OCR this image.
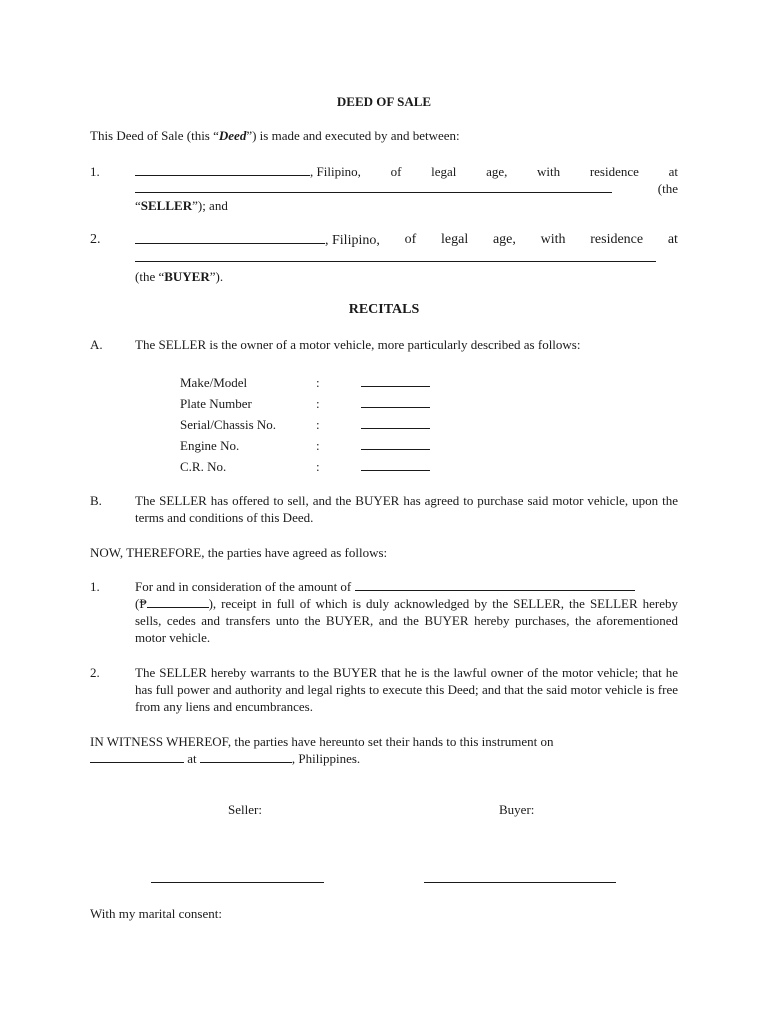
DEED OF SALE
This Deed of Sale (this “Deed”) is made and executed by and between:
1.	, Filipino, of legal age, with residence at
(the
“SELLER”); and
2.	, Filipino, of legal age, with residence at
(the “BUYER”).
RECITALS
A. The SELLER is the owner of a motor vehicle, more particularly described as follows:
Make/Model	:
Plate Number	:
Serial/Chassis No.	:
Engine No.	:
C.R. No.	:
B.	The SELLER has offered to sell, and the BUYER has agreed to purchase said motor vehicle, upon the terms and conditions of this Deed.
NOW, THEREFORE, the parties have agreed as follows:
1.	For and in consideration of the amount of
(₱	), receipt in full of which is duly acknowledged by the SELLER, the SELLER hereby sells, cedes and transfers unto the BUYER, and the BUYER hereby purchases, the aforementioned motor vehicle.
2.	The SELLER hereby warrants to the BUYER that he is the lawful owner of the motor vehicle; that he has full power and authority and legal rights to execute this Deed; and that the said motor vehicle is free from any liens and encumbrances.
IN WITNESS WHEREOF, the parties have hereunto set their hands to this instrument on
at	, Philippines.
Seller:	Buyer:
With my marital consent:
